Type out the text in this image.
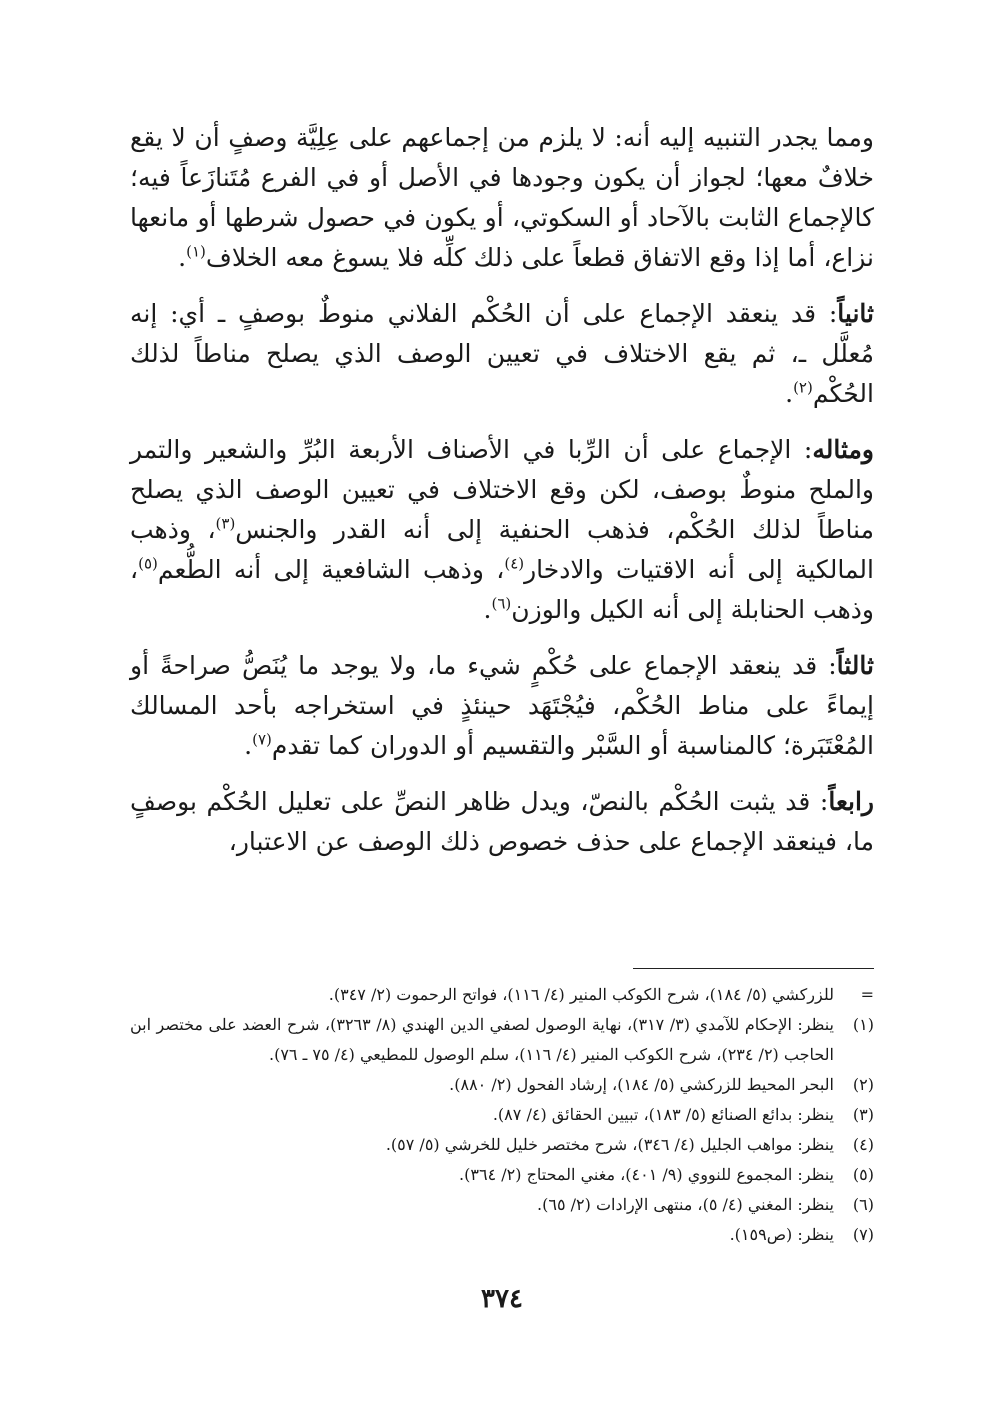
ومما يجدر التنبيه إليه أنه: لا يلزم من إجماعهم على عِلِيَّة وصفٍ أن لا يقع خلافٌ معها؛ لجواز أن يكون وجودها في الأصل أو في الفرع مُتَنازَعاً فيه؛ كالإجماع الثابت بالآحاد أو السكوتي، أو يكون في حصول شرطها أو مانعها نزاع، أما إذا وقع الاتفاق قطعاً على ذلك كلِّه فلا يسوغ معه الخلاف$^{(١)}$.

ثانياً: قد ينعقد الإجماع على أن الحُكْم الفلاني منوطٌ بوصفٍ ـ أي: إنه مُعلَّل ـ، ثم يقع الاختلاف في تعيين الوصف الذي يصلح مناطاً لذلك الحُكْم$^{(٢)}$.

ومثاله: الإجماع على أن الرِّبا في الأصناف الأربعة البُرِّ والشعير والتمر والملح منوطٌ بوصف، لكن وقع الاختلاف في تعيين الوصف الذي يصلح مناطاً لذلك الحُكْم، فذهب الحنفية إلى أنه القدر والجنس$^{(٣)}$، وذهب المالكية إلى أنه الاقتيات والادخار$^{(٤)}$، وذهب الشافعية إلى أنه الطُّعم$^{(٥)}$، وذهب الحنابلة إلى أنه الكيل والوزن$^{(٦)}$.

ثالثاً: قد ينعقد الإجماع على حُكْمٍ شيء ما، ولا يوجد ما يُنَصُّ صراحةً أو إيماءً على مناط الحُكْم، فيُجْتَهَد حينئذٍ في استخراجه بأحد المسالك المُعْتَبَرة؛ كالمناسبة أو السَّبْر والتقسيم أو الدوران كما تقدم$^{(٧)}$.

رابعاً: قد يثبت الحُكْم بالنصّ، ويدل ظاهر النصِّ على تعليل الحُكْم بوصفٍ ما، فينعقد الإجماع على حذف خصوص ذلك الوصف عن الاعتبار،

=
للزركشي (٥/ ١٨٤)، شرح الكوكب المنير (٤/ ١١٦)، فواتح الرحموت (٢/ ٣٤٧).
(١)
ينظر: الإحكام للآمدي (٣/ ٣١٧)، نهاية الوصول لصفي الدين الهندي (٨/ ٣٢٦٣)، شرح العضد على مختصر ابن الحاجب (٢/ ٢٣٤)، شرح الكوكب المنير (٤/ ١١٦)، سلم الوصول للمطيعي (٤/ ٧٥ ـ ٧٦).
(٢)
البحر المحيط للزركشي (٥/ ١٨٤)، إرشاد الفحول (٢/ ٨٨٠).
(٣)
ينظر: بدائع الصنائع (٥/ ١٨٣)، تبيين الحقائق (٤/ ٨٧).
(٤)
ينظر: مواهب الجليل (٤/ ٣٤٦)، شرح مختصر خليل للخرشي (٥/ ٥٧).
(٥)
ينظر: المجموع للنووي (٩/ ٤٠١)، مغني المحتاج (٢/ ٣٦٤).
(٦)
ينظر: المغني (٤/ ٥)، منتهى الإرادات (٢/ ٦٥).
(٧)
ينظر: (ص١٥٩).
٣٧٤
